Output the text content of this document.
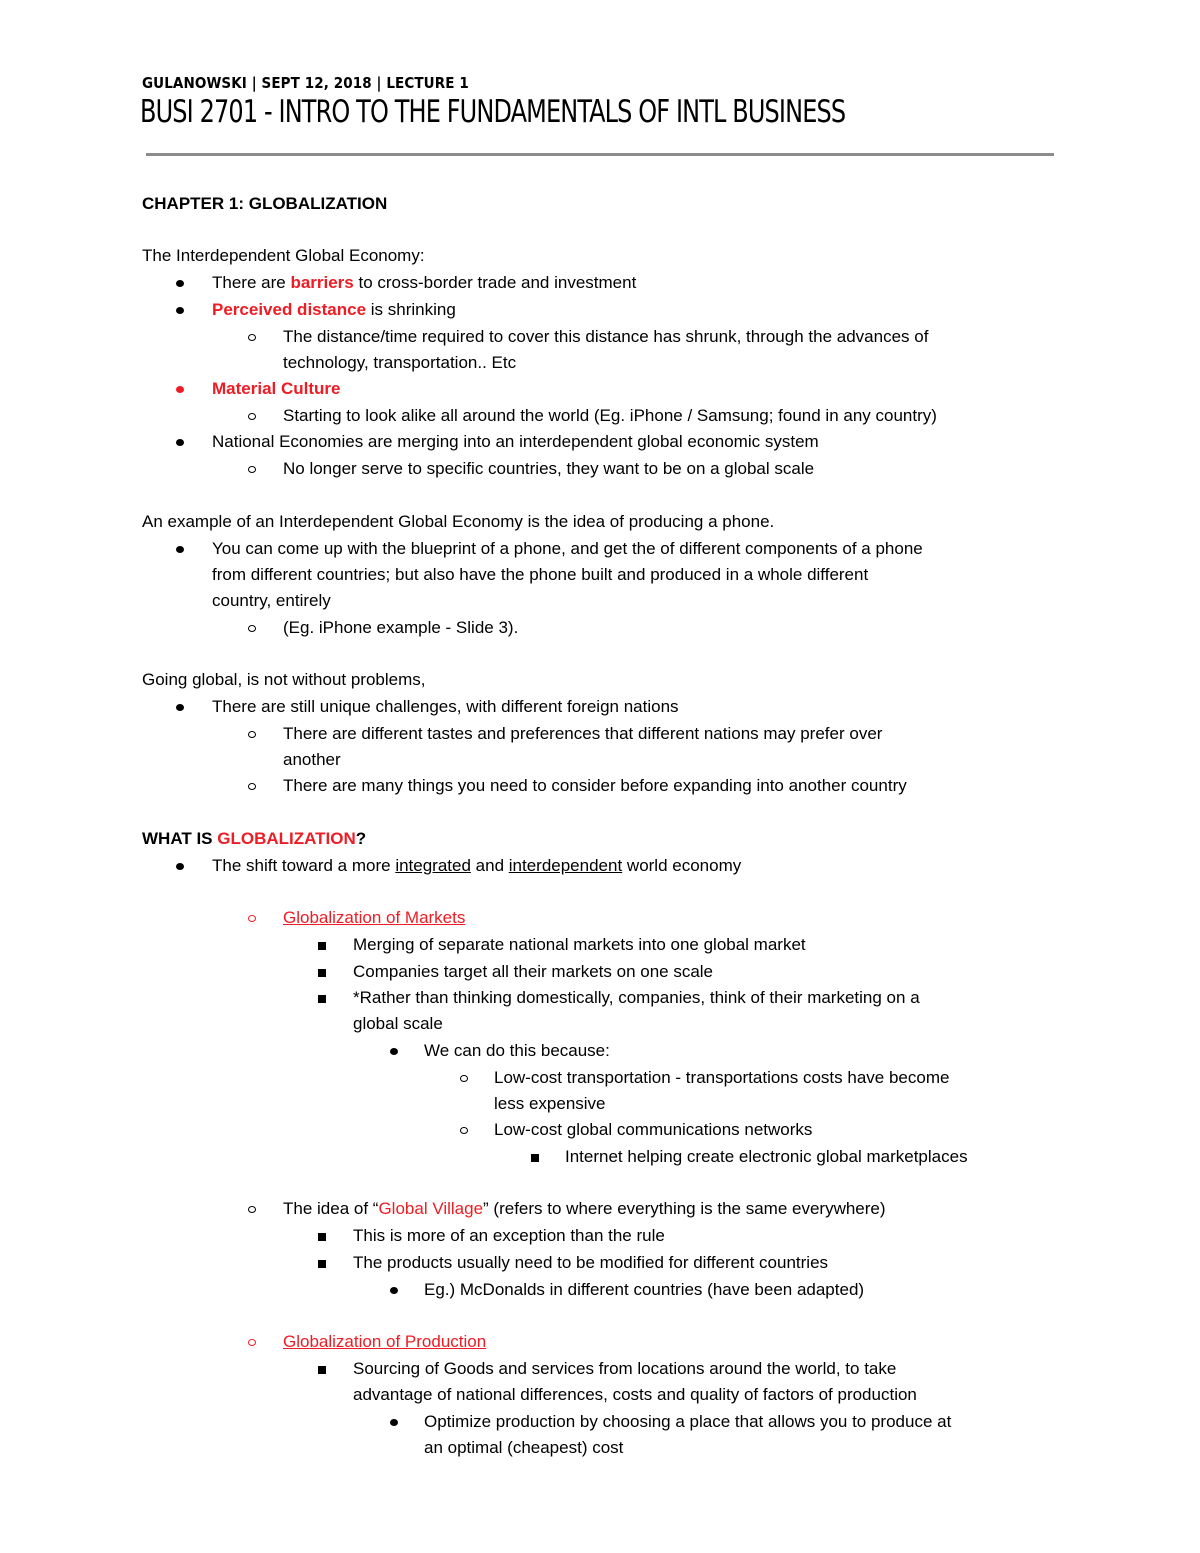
GULANOWSKI | SEPT 12, 2018 | LECTURE 1
BUSI 2701 - INTRO TO THE FUNDAMENTALS OF INTL BUSINESS
CHAPTER 1: GLOBALIZATION
The Interdependent Global Economy:
There are barriers to cross-border trade and investment
Perceived distance is shrinking
The distance/time required to cover this distance has shrunk, through the advances of
technology, transportation.. Etc
Material Culture
Starting to look alike all around the world (Eg. iPhone / Samsung; found in any country)
National Economies are merging into an interdependent global economic system
No longer serve to specific countries, they want to be on a global scale
An example of an Interdependent Global Economy is the idea of producing a phone.
You can come up with the blueprint of a phone, and get the of different components of a phone
from different countries; but also have the phone built and produced in a whole different
country, entirely
(Eg. iPhone example - Slide 3).
Going global, is not without problems,
There are still unique challenges, with different foreign nations
There are different tastes and preferences that different nations may prefer over
another
There are many things you need to consider before expanding into another country
WHAT IS GLOBALIZATION?
The shift toward a more integrated and interdependent world economy
Globalization of Markets
Merging of separate national markets into one global market
Companies target all their markets on one scale
*Rather than thinking domestically, companies, think of their marketing on a
global scale
We can do this because:
Low-cost transportation - transportations costs have become
less expensive
Low-cost global communications networks
Internet helping create electronic global marketplaces
The idea of “Global Village” (refers to where everything is the same everywhere)
This is more of an exception than the rule
The products usually need to be modified for different countries
Eg.) McDonalds in different countries (have been adapted)
Globalization of Production
Sourcing of Goods and services from locations around the world, to take
advantage of national differences, costs and quality of factors of production
Optimize production by choosing a place that allows you to produce at
an optimal (cheapest) cost
